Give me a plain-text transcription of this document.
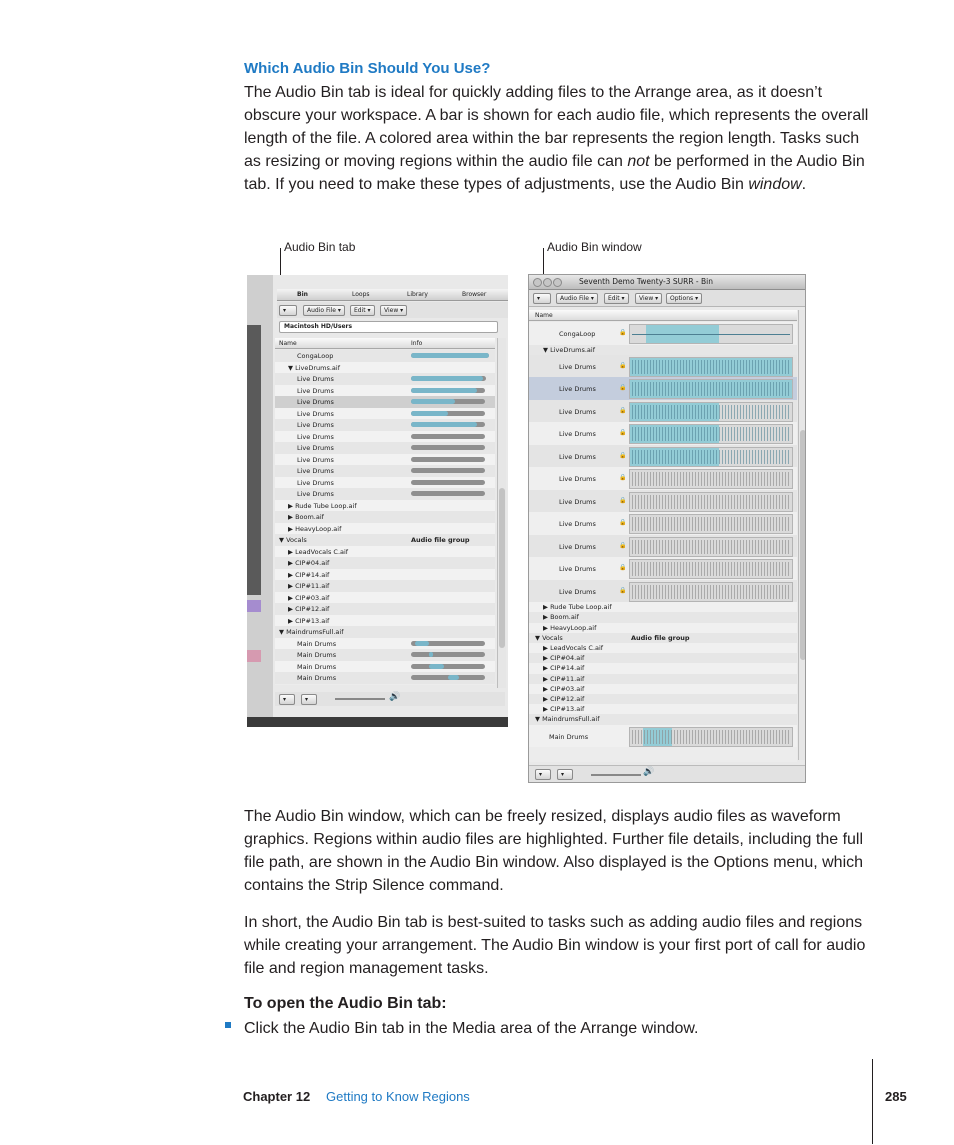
Which Audio Bin Should You Use?

The Audio Bin tab is ideal for quickly adding files to the Arrange area, as it doesn’t obscure your workspace. A bar is shown for each audio file, which represents the overall length of the file. A colored area within the bar represents the region length. Tasks such as resizing or moving regions within the audio file can not be performed in the Audio Bin tab. If you need to make these types of adjustments, use the Audio Bin window.

Audio Bin tab	Audio Bin window
Bin	Loops	Library	Browser
▾
Audio File ▾	Edit ▾	View ▾
Macintosh HD/Users
Name	Info
CongaLoop
▼ LiveDrums.aif
Live Drums
Live Drums
Live Drums
Live Drums
Live Drums
Live Drums
Live Drums
Live Drums
Live Drums
Live Drums
Live Drums
▶ Rude Tube Loop.aif
▶ Boom.aif
▶ HeavyLoop.aif
▼ Vocals	Audio file group
▶ LeadVocals C.aif
▶ CIP#04.aif
▶ CIP#14.aif
▶ CIP#11.aif
▶ CIP#03.aif
▶ CIP#12.aif
▶ CIP#13.aif
▼ MaindrumsFull.aif
Main Drums
Main Drums
Main Drums
Main Drums
▾
▾
🔊
Seventh Demo Twenty-3 SURR - Bin
▾
Audio File ▾	Edit ▾	View ▾	Options ▾
Name
CongaLoop	🔒
▼ LiveDrums.aif
Live Drums	🔒
Live Drums	🔒
Live Drums	🔒
Live Drums	🔒
Live Drums	🔒
Live Drums	🔒
Live Drums	🔒
Live Drums	🔒
Live Drums	🔒
Live Drums	🔒
Live Drums	🔒
▶ Rude Tube Loop.aif
▶ Boom.aif
▶ HeavyLoop.aif
▼ Vocals	Audio file group
▶ LeadVocals C.aif
▶ CIP#04.aif
▶ CIP#14.aif
▶ CIP#11.aif
▶ CIP#03.aif
▶ CIP#12.aif
▶ CIP#13.aif
▼ MaindrumsFull.aif
Main Drums
▾
▾
🔊

The Audio Bin window, which can be freely resized, displays audio files as waveform graphics. Regions within audio files are highlighted. Further file details, including the full file path, are shown in the Audio Bin window. Also displayed is the Options menu, which contains the Strip Silence command.

In short, the Audio Bin tab is best-suited to tasks such as adding audio files and regions while creating your arrangement. The Audio Bin window is your first port of call for audio file and region management tasks.

To open the Audio Bin tab:
Click the Audio Bin tab in the Media area of the Arrange window.
Chapter 12 Getting to Know Regions	285
